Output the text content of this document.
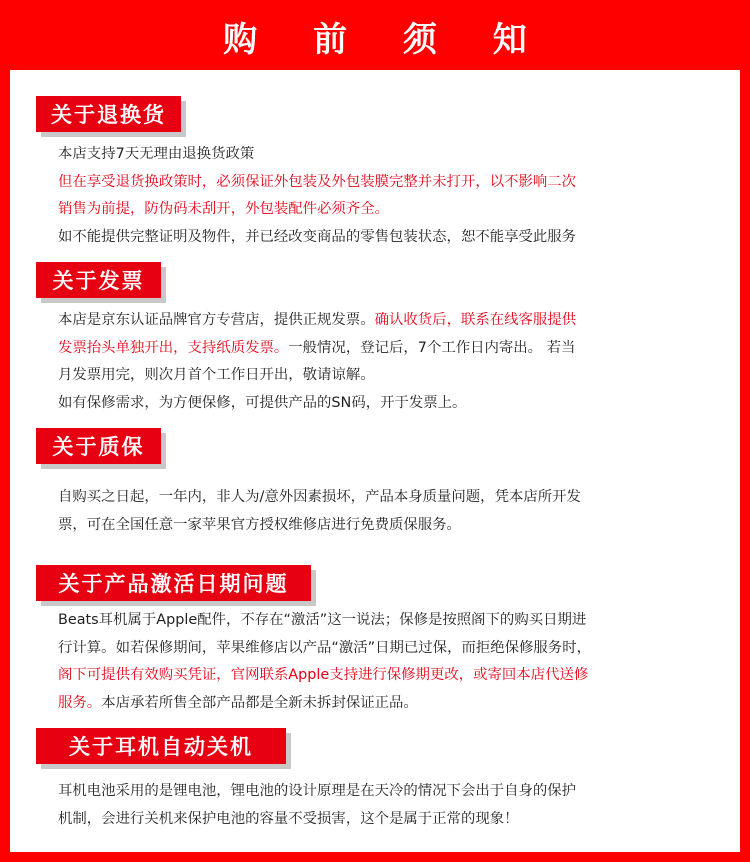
购 前 须 知
关于退换货
本店支持7天无理由退换货政策
但在享受退货换政策时，必须保证外包装及外包装膜完整并未打开，以不影响二次
销售为前提，防伪码未刮开，外包装配件必须齐全。
如不能提供完整证明及物件，并已经改变商品的零售包装状态，恕不能享受此服务
关于发票
本店是京东认证品牌官方专营店，提供正规发票。确认收货后，联系在线客服提供
发票抬头单独开出，支持纸质发票。一般情况，登记后，7个工作日内寄出。 若当
月发票用完，则次月首个工作日开出，敬请谅解。
如有保修需求，为方便保修，可提供产品的SN码，开于发票上。
关于质保
自购买之日起，一年内，非人为/意外因素损坏，产品本身质量问题，凭本店所开发
票，可在全国任意一家苹果官方授权维修店进行免费质保服务。
关于产品激活日期问题
Beats耳机属于Apple配件，不存在“激活”这一说法；保修是按照阁下的购买日期进
行计算。如若保修期间，苹果维修店以产品“激活”日期已过保，而拒绝保修服务时，
阁下可提供有效购买凭证，官网联系Apple支持进行保修期更改，或寄回本店代送修
服务。本店承若所售全部产品都是全新未拆封保证正品。
关于耳机自动关机
耳机电池采用的是锂电池，锂电池的设计原理是在天冷的情况下会出于自身的保护
机制，会进行关机来保护电池的容量不受损害，这个是属于正常的现象！
